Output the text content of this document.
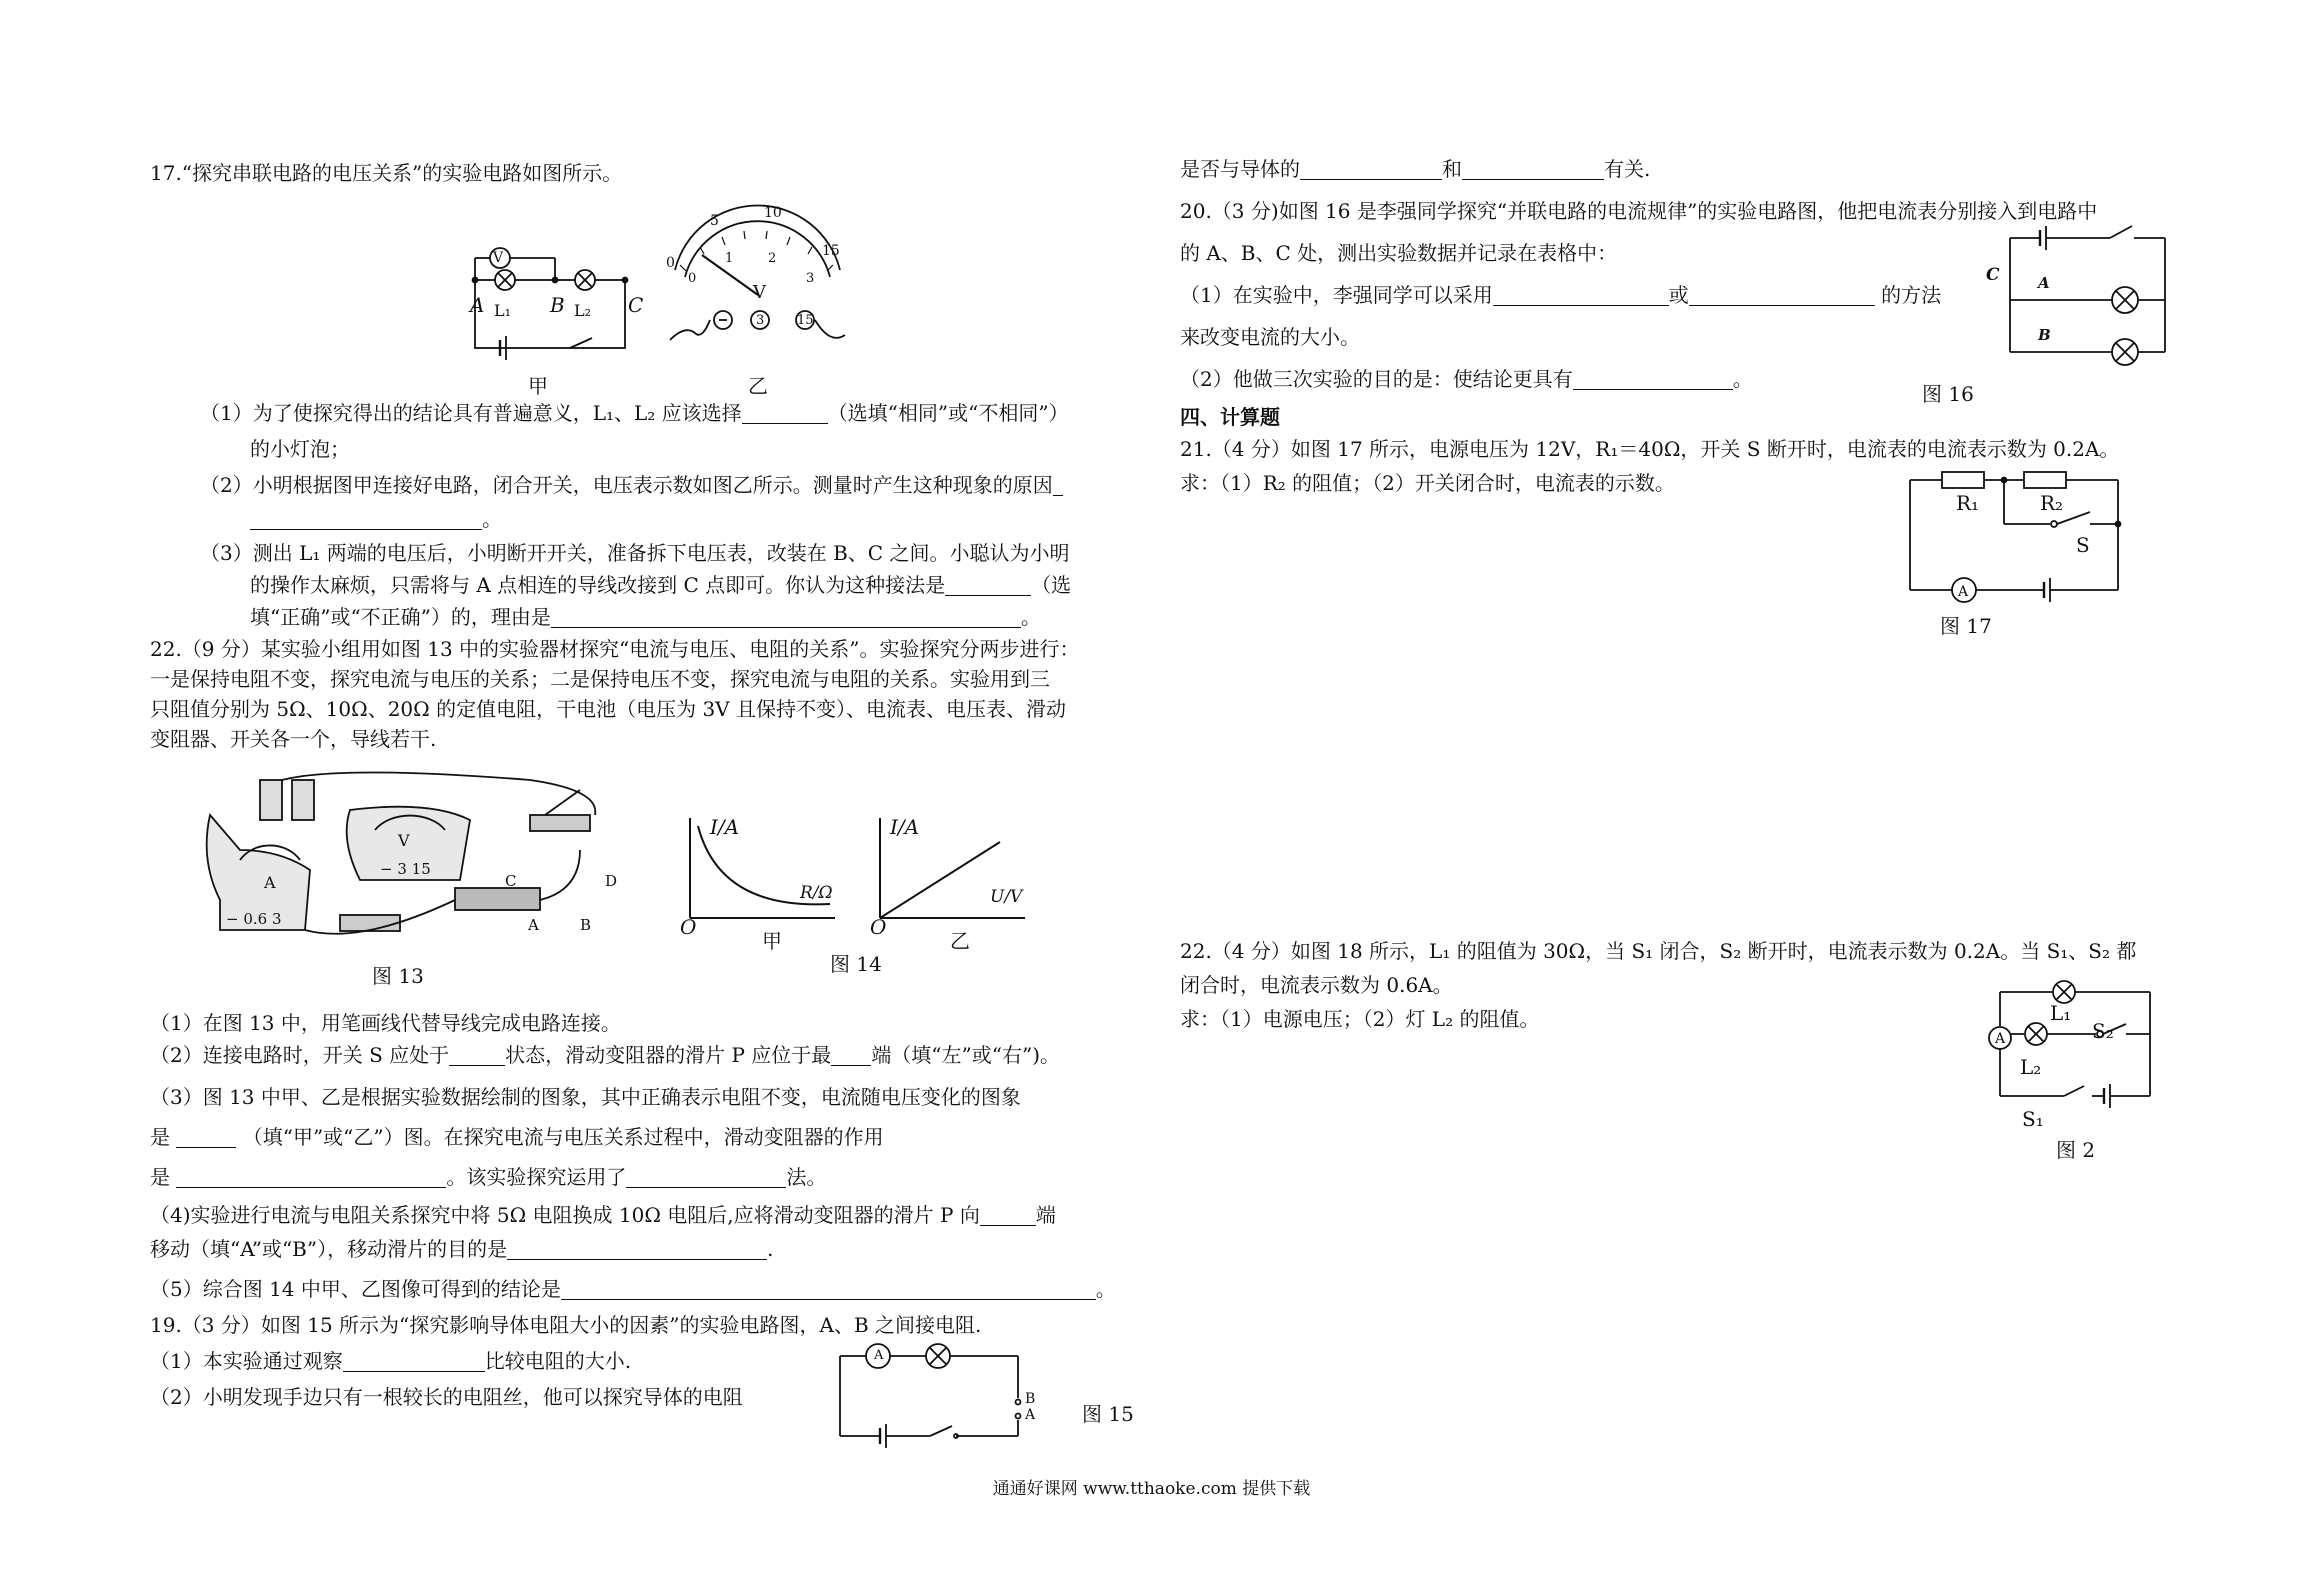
17.“探究串联电路的电压关系”的实验电路如图所示。
V
A	B	C
L₁	L₂
甲
0
5	10
15
0
1	2
3
V
3	15
乙
（1）为了使探究得出的结论具有普遍意义，L₁、L₂ 应该选择	（选填“相同”或“不相同”）
的小灯泡；
（2）小明根据图甲连接好电路，闭合开关，电压表示数如图乙所示。测量时产生这种现象的原因
。
（3）测出 L₁ 两端的电压后，小明断开开关，准备拆下电压表，改装在 B、C 之间。小聪认为小明
的操作太麻烦，只需将与 A 点相连的导线改接到 C 点即可。你认为这种接法是	（选
填“正确”或“不正确”）的，理由是	。
22.（9 分）某实验小组用如图 13 中的实验器材探究“电流与电压、电阻的关系”。实验探究分两步进行：
一是保持电阻不变，探究电流与电压的关系；二是保持电压不变，探究电流与电阻的关系。实验用到三
只阻值分别为 5Ω、10Ω、20Ω 的定值电阻，干电池（电压为 3V 且保持不变）、电流表、电压表、滑动
变阻器、开关各一个，导线若干.
A
− 0.6 3
V
− 3 15
C	D
A	B
图 13
I/A
R/Ω
O
甲
I/A
U/V
O
乙
图 14
（1）在图 13 中，用笔画线代替导线完成电路连接。
（2）连接电路时，开关 S 应处于	状态，滑动变阻器的滑片 P 应位于最 端（填“左”或“右”)。
（3）图 13 中甲、乙是根据实验数据绘制的图象，其中正确表示电阻不变，电流随电压变化的图象
是	（填“甲”或“乙”）图。在探究电流与电压关系过程中，滑动变阻器的作用
是	。该实验探究运用了	法。
（4)实验进行电流与电阻关系探究中将 5Ω 电阻换成 10Ω 电阻后,应将滑动变阻器的滑片 P 向	端
移动（填“A”或“B”），移动滑片的目的是	.
（5）综合图 14 中甲、乙图像可得到的结论是	。
19.（3 分）如图 15 所示为“探究影响导体电阻大小的因素”的实验电路图，A、B 之间接电阻.
（1）本实验通过观察	比较电阻的大小.
（2）小明发现手边只有一根较长的电阻丝，他可以探究导体的电阻
A
B
A 图 15
是否与导体的	和	有关.
20.（3 分)如图 16 是李强同学探究“并联电路的电流规律”的实验电路图，他把电流表分别接入到电路中
的 A、B、C 处，测出实验数据并记录在表格中：
（1）在实验中，李强同学可以采用	或	的方法
来改变电流的大小。
（2）他做三次实验的目的是：使结论更具有	。
C	A
B
图 16
四、计算题
21.（4 分）如图 17 所示，电源电压为 12V，R₁＝40Ω，开关 S 断开时，电流表的电流表示数为 0.2A。
求：（1）R₂ 的阻值；（2）开关闭合时，电流表的示数。
R₁	R₂
S
A
图 17
22.（4 分）如图 18 所示，L₁ 的阻值为 30Ω，当 S₁ 闭合，S₂ 断开时，电流表示数为 0.2A。当 S₁、S₂ 都
闭合时，电流表示数为 0.6A。
求：（1）电源电压；（2）灯 L₂ 的阻值。	L₁
S₂
L₂
A
S₁
图 2
通通好课网 www.tthaoke.com 提供下载
